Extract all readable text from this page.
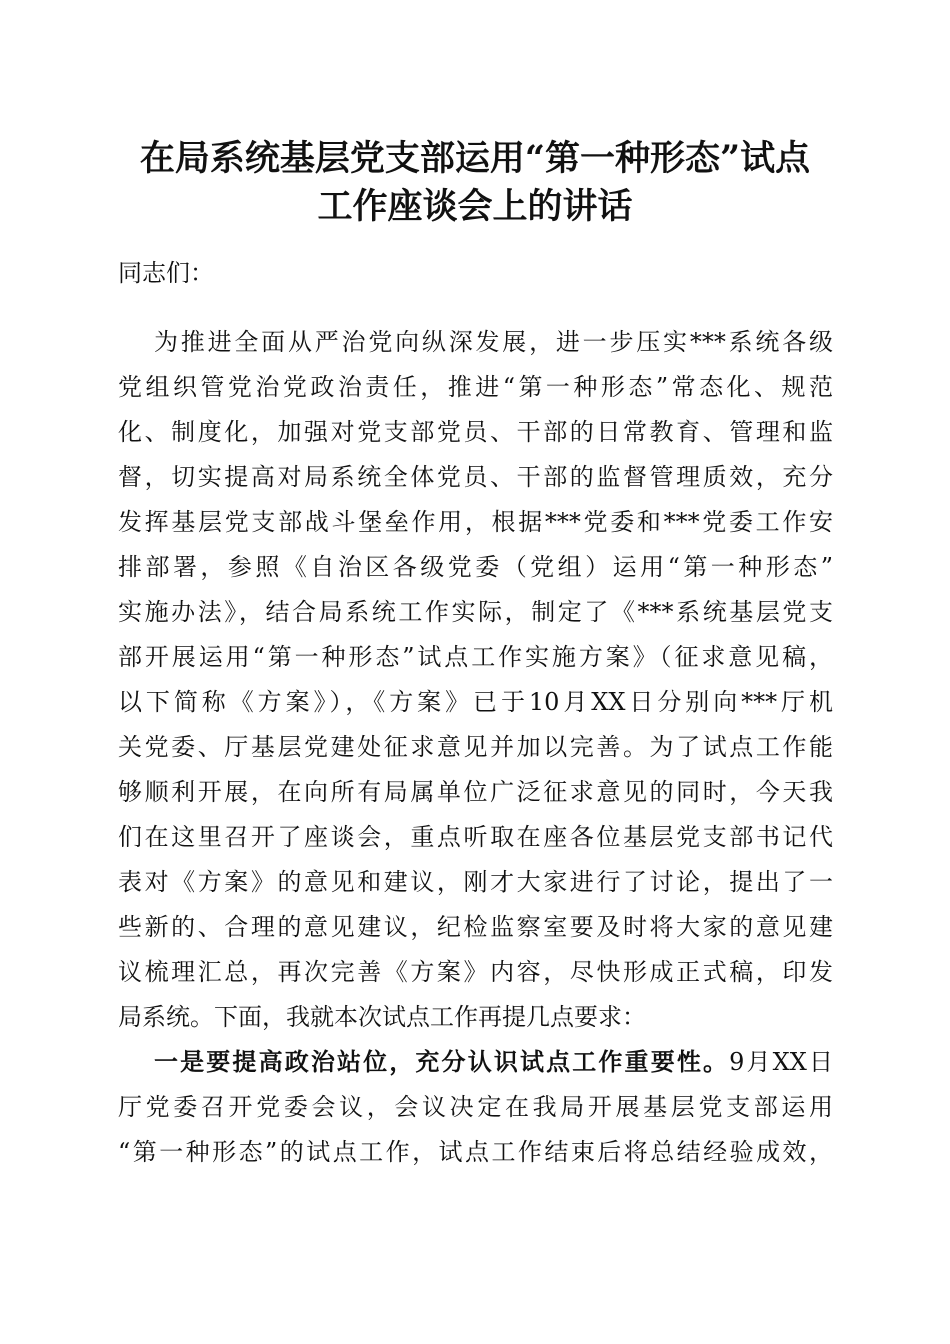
在局系统基层党支部运用“第一种形态”试点
工作座谈会上的讲话
同志们：
为推进全面从严治党向纵深发展，进一步压实***系统各级
党组织管党治党政治责任，推进“第一种形态”常态化、规范
化、制度化，加强对党支部党员、干部的日常教育、管理和监
督，切实提高对局系统全体党员、干部的监督管理质效，充分
发挥基层党支部战斗堡垒作用，根据***党委和***党委工作安
排部署，参照《自治区各级党委（党组）运用“第一种形态”
实施办法》，结合局系统工作实际，制定了《***系统基层党支
部开展运用“第一种形态”试点工作实施方案》（征求意见稿，
以下简称《方案》），《方案》已于10月XX日分别向***厅机
关党委、厅基层党建处征求意见并加以完善。为了试点工作能
够顺利开展，在向所有局属单位广泛征求意见的同时，今天我
们在这里召开了座谈会，重点听取在座各位基层党支部书记代
表对《方案》的意见和建议，刚才大家进行了讨论，提出了一
些新的、合理的意见建议，纪检监察室要及时将大家的意见建
议梳理汇总，再次完善《方案》内容，尽快形成正式稿，印发
局系统。下面，我就本次试点工作再提几点要求：
一是要提高政治站位，充分认识试点工作重要性。9月XX日
厅党委召开党委会议，会议决定在我局开展基层党支部运用
“第一种形态”的试点工作，试点工作结束后将总结经验成效，
